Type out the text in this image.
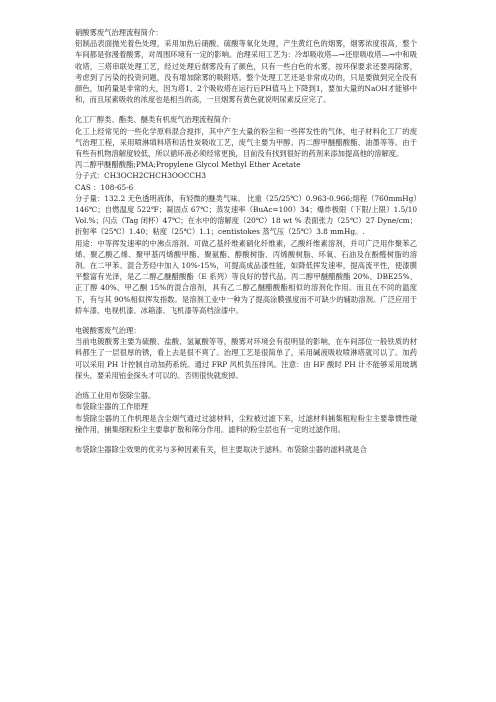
硝酸雾废气治理流程简介：

铝制品表面抛光着色处理，采用加热后硝酸、硫酸等氧化处理，产生黄红色的烟雾，烟雾浓度很高，整个车间都是弥漫着酸雾，对周围环境有一定的影响。治理采用工艺为：冷却吸收塔—→还原吸收塔—→中和吸收塔，三塔串联处理工艺，经过处理后烟雾没有了颜色，只有一些白色的水雾，按环保要求还要再除雾，考虑到了污染的投资问题，没有增加除雾的吸附塔。整个处理工艺还是非常成功的，只是要做到完全没有颜色，加药量是非常的大，因为塔1、2个吸收塔在运行后PH值马上下降到1，要加大量的NaOH才能够中和，而且尿素吸收的浓度也是相当的高，一旦烟雾有黄色就说明尿素反应完了。

化工厂醇类、酯类、醚类有机废气治理流程简介：

化工上经常见的一些化学原料混合搅拌，其中产生大量的粉尘和一些挥发性的气体，电子材料化工厂的废气治理工程，采用喷淋填料塔和活性炭吸收工艺，废气主要为甲醇、丙二醇甲醚醋酸酯、油墨等等。由于有些有机物溶解度较低，所以循环液必须经常更换，目前没有找到很好的药剂来添加提高他的溶解度。

丙二醇甲醚醋酸酯;PMA;Propylene Glycol Methyl Ether Acetate

分子式：CH3OCH2CHCH3OOCCH3

CAS ：108-65-6

分子量：132.2 无色透明液体，有轻微的醚类气味。 比重（25/25℃）0.963-0.966;熔程（760mmHg）146℃；自燃温度 522℉；凝固点 67℃；蒸发速率（BuAc=100）34；爆炸极限（下限/上限）1.5/10 Vol.%；闪点（Tag 闭杯）47℃；在水中的溶解度（20℃）18 wt % 表面张力（25℃）27 Dyne/cm；折射率（25℃）1.40；粘度（25℃）1.1；centistokes 蒸气压（25℃）3.8 mmHg。.

用途：中等挥发速率的中沸点溶剂。可做乙基纤维素硝化纤维素，乙酸纤维素溶剂，并可广泛用作聚苯乙烯、聚乙酸乙烯、聚甲基丙烯酸甲酯、聚氨酯、醇酸树脂、丙烯酸树脂、环氧、石油及在酚醛树脂的溶剂。在二甲苯、混合芳烃中加入 10%-15%，可提高成品漆性能，如降低挥发速率，提高流平性，使漆膜平整富有光泽，是乙二醇乙醚醋酸酯（E 系列）等良好的替代品。丙二醇甲醚醋酸酯 20%、DBE25%、正丁醇 40%、甲乙酮 15%的混合溶剂，具有乙二醇乙醚醋酸酯相似的溶剂化作用。而且在不同的温度下，有与其 90%相似挥发指数。是溶剂工业中一种为了提高涂膜强度而不可缺少的辅助溶剂。广泛应用于轿车漆、电视机漆、冰箱漆、飞机漆等高档涂漆中。

电镀酸雾废气治理：

当前电镀酸雾主要为硫酸、盐酸、氢氟酸等等，酸雾对环境会有很明显的影响，在车间部位一般铁质的材料都生了一层很厚的锈，看上去是很不爽了。治理工艺是很简单了，采用碱液吸收喷淋塔就可以了。加药可以采用 PH 计控制自动加药系统。通过 FRP 风机负压排风。注意：由 HF 酸时 PH 计不能够采用玻璃探头，要采用铂金探头才可以的。否则很快就废掉。

冶炼工业用布袋除尘器。

布袋除尘器的工作原理

布袋除尘器的工作机理是含尘烟气通过过滤材料，尘粒被过滤下来，过滤材料捕集粗粒粉尘主要靠惯性碰撞作用，捕集细粒粉尘主要靠扩散和筛分作用。滤料的粉尘层也有一定的过滤作用。

布袋除尘器除尘效果的优劣与多种因素有关，但主要取决于滤料。布袋除尘器的滤料就是合
